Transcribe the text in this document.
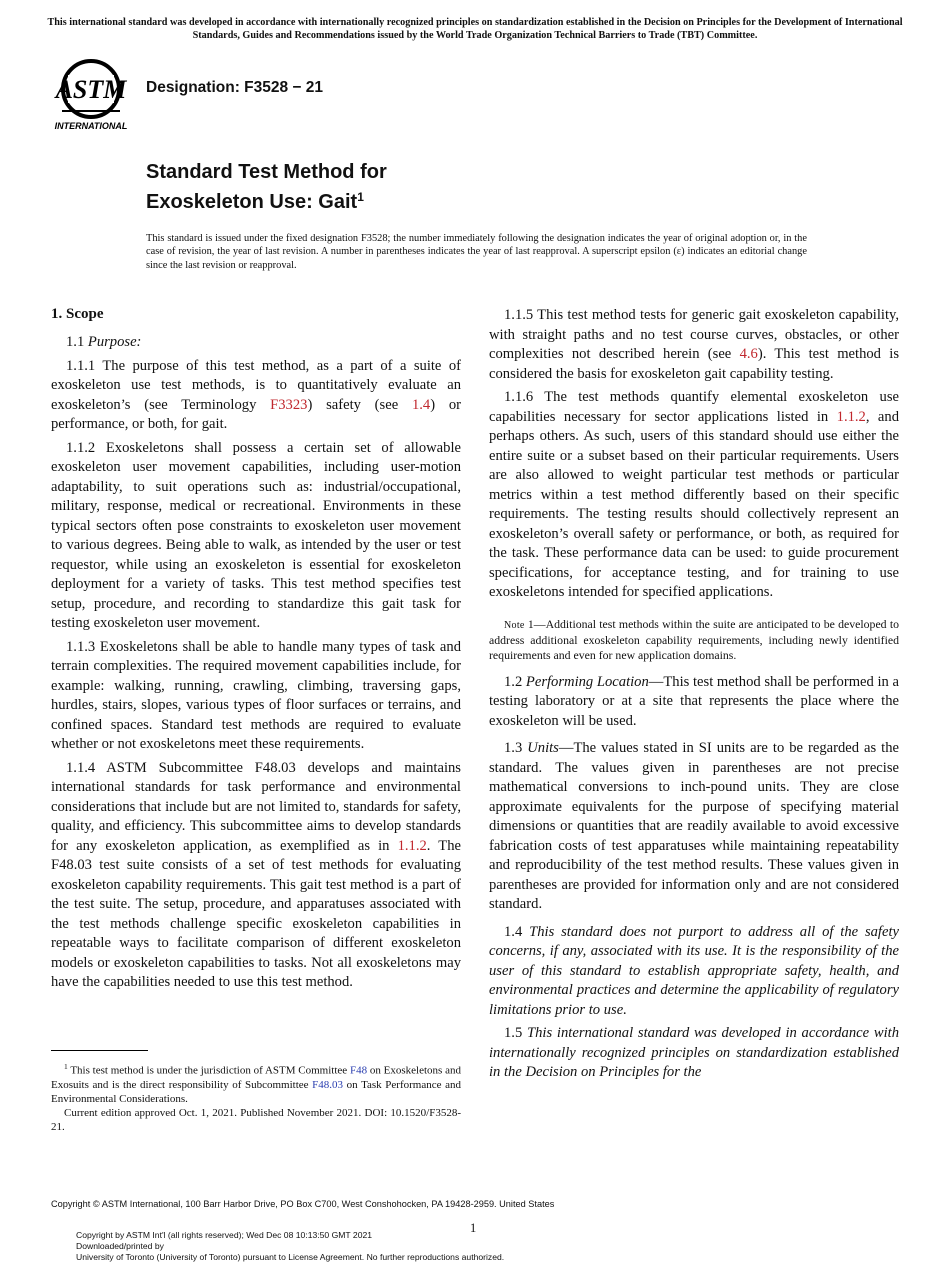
This international standard was developed in accordance with internationally recognized principles on standardization established in the Decision on Principles for the Development of International Standards, Guides and Recommendations issued by the World Trade Organization Technical Barriers to Trade (TBT) Committee.
ASTM
INTERNATIONAL
Designation: F3528 − 21
Standard Test Method for
Exoskeleton Use: Gait$^1$
This standard is issued under the fixed designation F3528; the number immediately following the designation indicates the year of original adoption or, in the case of revision, the year of last revision. A number in parentheses indicates the year of last reapproval. A superscript epsilon (ε) indicates an editorial change since the last revision or reapproval.
1. Scope

1.1 Purpose:

1.1.1 The purpose of this test method, as a part of a suite of exoskeleton use test methods, is to quantitatively evaluate an exoskeleton’s (see Terminology F3323) safety (see 1.4) or performance, or both, for gait.

1.1.2 Exoskeletons shall possess a certain set of allowable exoskeleton user movement capabilities, including user-motion adaptability, to suit operations such as: industrial/occupational, military, response, medical or recreational. Environments in these typical sectors often pose constraints to exoskeleton user movement to various degrees. Being able to walk, as intended by the user or test requestor, while using an exoskeleton is essential for exoskeleton deployment for a variety of tasks. This test method specifies test setup, procedure, and recording to standardize this gait task for testing exoskeleton user movement.

1.1.3 Exoskeletons shall be able to handle many types of task and terrain complexities. The required movement capabilities include, for example: walking, running, crawling, climbing, traversing gaps, hurdles, stairs, slopes, various types of floor surfaces or terrains, and confined spaces. Standard test methods are required to evaluate whether or not exoskeletons meet these requirements.

1.1.4 ASTM Subcommittee F48.03 develops and maintains international standards for task performance and environmental considerations that include but are not limited to, standards for safety, quality, and efficiency. This subcommittee aims to develop standards for any exoskeleton application, as exemplified as in 1.1.2. The F48.03 test suite consists of a set of test methods for evaluating exoskeleton capability requirements. This gait test method is a part of the test suite. The setup, procedure, and apparatuses associated with the test methods challenge specific exoskeleton capabilities in repeatable ways to facilitate comparison of different exoskeleton models or exoskeleton capabilities to tasks. Not all exoskeletons may have the capabilities needed to use this test method.

1.1.5 This test method tests for generic gait exoskeleton capability, with straight paths and no test course curves, obstacles, or other complexities not described herein (see 4.6). This test method is considered the basis for exoskeleton gait capability testing.

1.1.6 The test methods quantify elemental exoskeleton use capabilities necessary for sector applications listed in 1.1.2, and perhaps others. As such, users of this standard should use either the entire suite or a subset based on their particular requirements. Users are also allowed to weight particular test methods or particular metrics within a test method differently based on their specific requirements. The testing results should collectively represent an exoskeleton’s overall safety or performance, or both, as required for the task. These performance data can be used: to guide procurement specifications, for acceptance testing, and for training to use exoskeletons intended for specified applications.

Note 1—Additional test methods within the suite are anticipated to be developed to address additional exoskeleton capability requirements, including newly identified requirements and even for new application domains.

1.2 Performing Location—This test method shall be performed in a testing laboratory or at a site that represents the place where the exoskeleton will be used.

1.3 Units—The values stated in SI units are to be regarded as the standard. The values given in parentheses are not precise mathematical conversions to inch-pound units. They are close approximate equivalents for the purpose of specifying material dimensions or quantities that are readily available to avoid excessive fabrication costs of test apparatuses while maintaining repeatability and reproducibility of the test method results. These values given in parentheses are provided for information only and are not considered standard.

1.4 This standard does not purport to address all of the safety concerns, if any, associated with its use. It is the responsibility of the user of this standard to establish appropriate safety, health, and environmental practices and determine the applicability of regulatory limitations prior to use.

1.5 This international standard was developed in accordance with internationally recognized principles on standardization established in the Decision on Principles for the

$^1$ This test method is under the jurisdiction of ASTM Committee F48 on Exoskeletons and Exosuits and is the direct responsibility of Subcommittee F48.03 on Task Performance and Environmental Considerations.

Current edition approved Oct. 1, 2021. Published November 2021. DOI: 10.1520/F3528-21.

Copyright © ASTM International, 100 Barr Harbor Drive, PO Box C700, West Conshohocken, PA 19428-2959. United States
1
Copyright by ASTM Int'l (all rights reserved); Wed Dec 08 10:13:50 GMT 2021
Downloaded/printed by
University of Toronto (University of Toronto) pursuant to License Agreement. No further reproductions authorized.
